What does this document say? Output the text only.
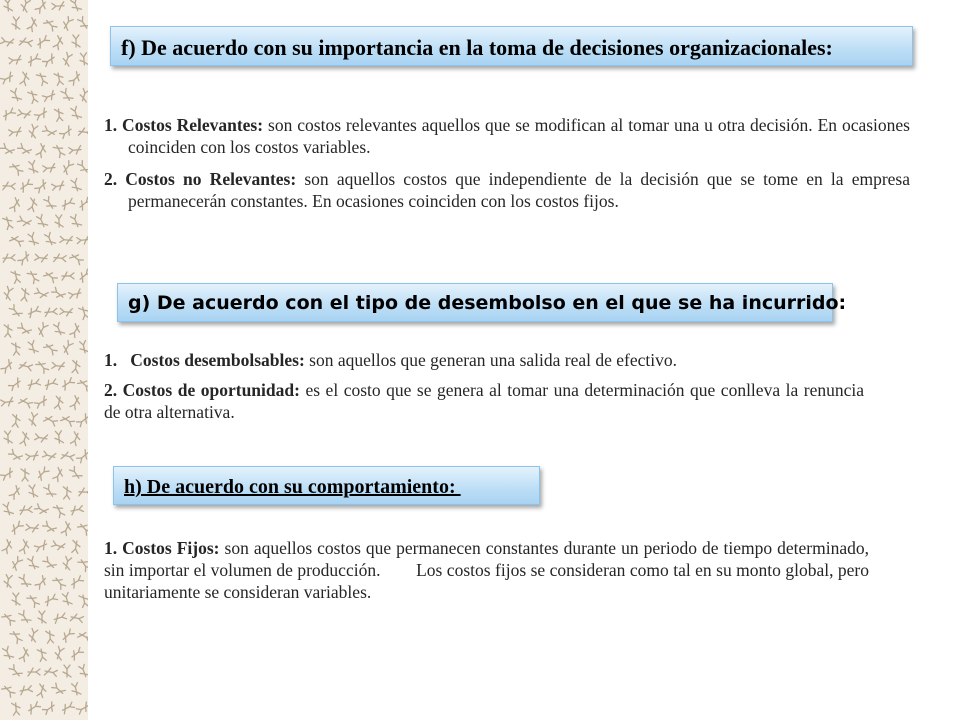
f) De acuerdo con su importancia en la toma de decisiones organizacionales:
1. Costos Relevantes: son costos relevantes aquellos que se modifican al tomar una u otra decisión. En ocasiones coinciden con los costos variables.
2. Costos no Relevantes: son aquellos costos que independiente de la decisión que se tome en la empresa permanecerán constantes. En ocasiones coinciden con los costos fijos.
g) De acuerdo con el tipo de desembolso en el que se ha incurrido:
1.   Costos desembolsables: son aquellos que generan una salida real de efectivo.
2. Costos de oportunidad: es el costo que se genera al tomar una determinación que conlleva la renuncia de otra alternativa.
h) De acuerdo con su comportamiento:
1. Costos Fijos: son aquellos costos que permanecen constantes durante un periodo de tiempo determinado, sin importar el volumen de producción.        Los costos fijos se consideran como tal en su monto global, pero unitariamente se consideran variables.
